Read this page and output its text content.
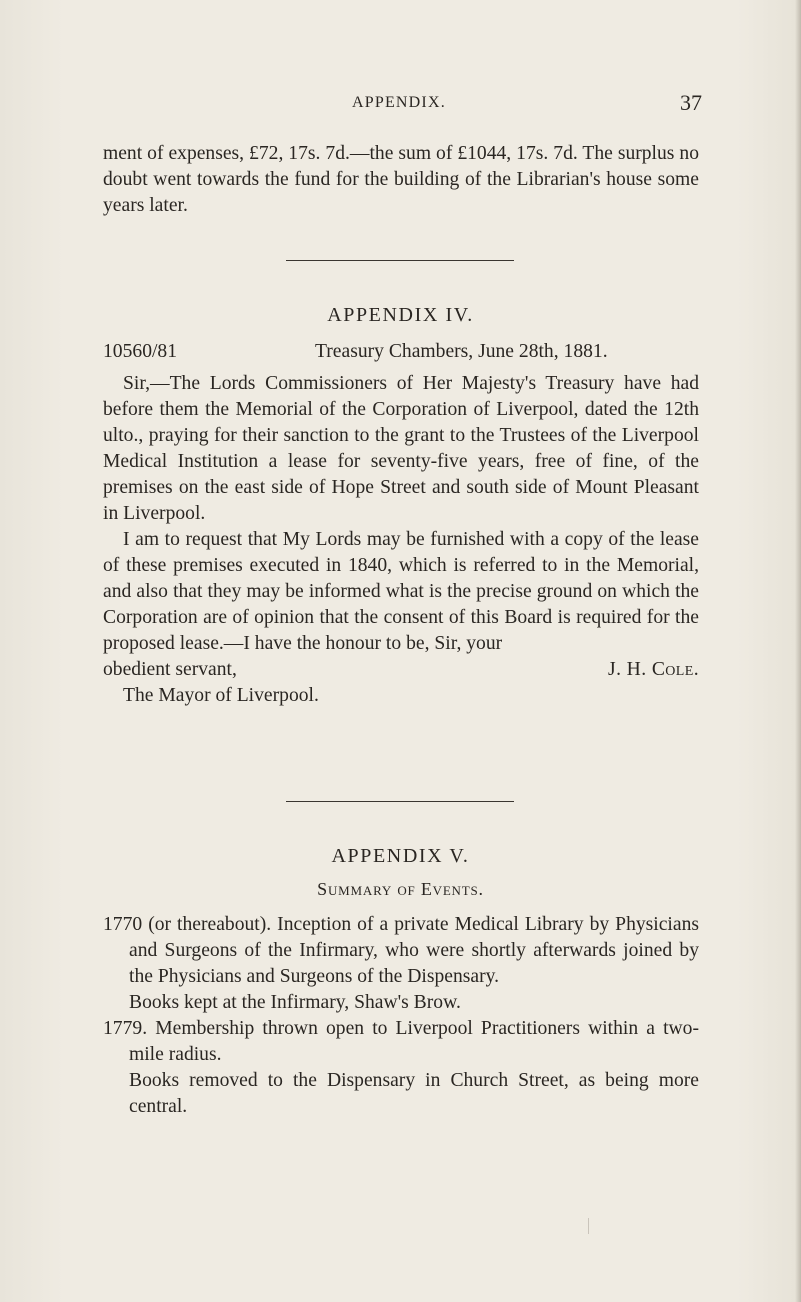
APPENDIX.	37

ment of expenses, £72, 17s. 7d.—the sum of £1044, 17s. 7d. The surplus no doubt went towards the fund for the building of the Librarian's house some years later.

APPENDIX IV.
10560/81	Treasury Chambers, June 28th, 1881.

Sir,—The Lords Commissioners of Her Majesty's Treasury have had before them the Memorial of the Corporation of Liverpool, dated the 12th ulto., praying for their sanction to the grant to the Trustees of the Liverpool Medical Institution a lease for seventy-five years, free of fine, of the premises on the east side of Hope Street and south side of Mount Pleasant in Liverpool.

I am to request that My Lords may be furnished with a copy of the lease of these premises executed in 1840, which is referred to in the Memorial, and also that they may be informed what is the precise ground on which the Corporation are of opinion that the consent of this Board is required for the proposed lease.—I have the honour to be, Sir, your

obedient servant,	J. H. Cole.

The Mayor of Liverpool.

APPENDIX V.
Summary of Events.

1770 (or thereabout). Inception of a private Medical Library by Physicians and Surgeons of the Infirmary, who were shortly afterwards joined by the Physicians and Surgeons of the Dispensary.

Books kept at the Infirmary, Shaw's Brow.

1779. Membership thrown open to Liverpool Practitioners within a two-mile radius.

Books removed to the Dispensary in Church Street, as being more central.
